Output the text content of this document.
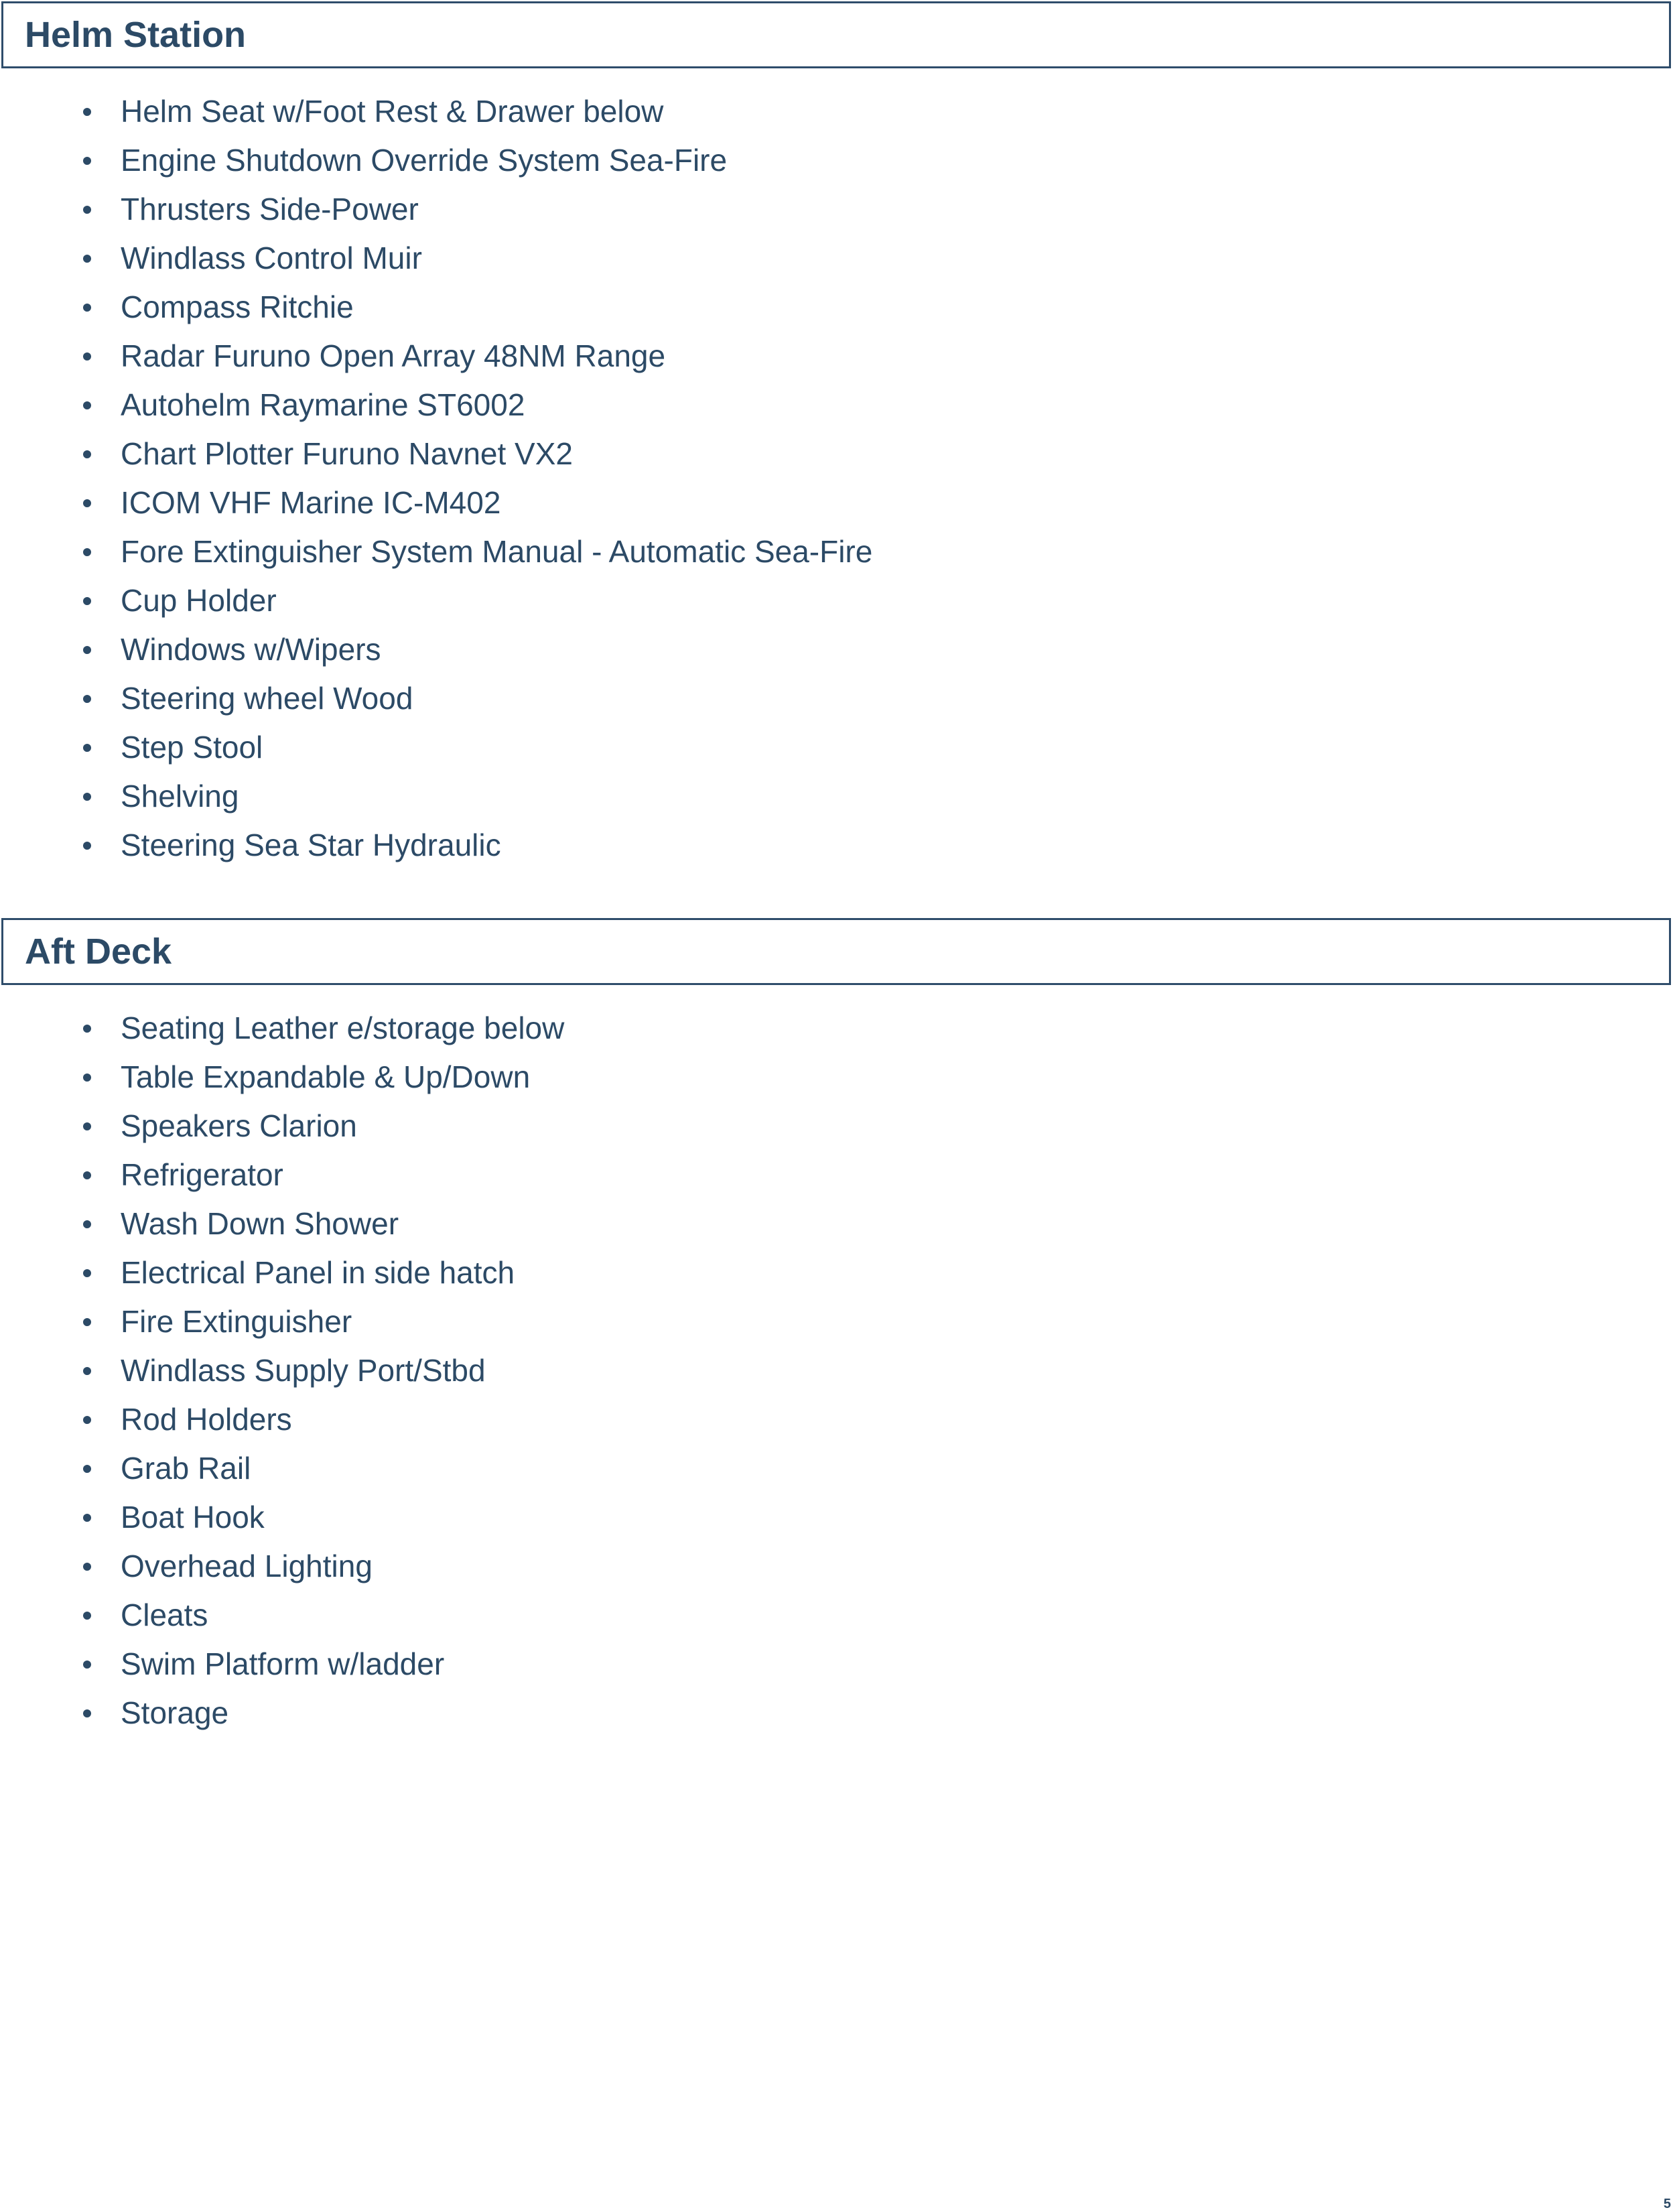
Helm Station
Helm Seat w/Foot Rest & Drawer below
Engine Shutdown Override System Sea-Fire
Thrusters Side-Power
Windlass Control Muir
Compass Ritchie
Radar Furuno Open Array 48NM Range
Autohelm Raymarine ST6002
Chart Plotter Furuno Navnet VX2
ICOM VHF Marine IC-M402
Fore Extinguisher System Manual - Automatic Sea-Fire
Cup Holder
Windows w/Wipers
Steering wheel Wood
Step Stool
Shelving
Steering Sea Star Hydraulic
Aft Deck
Seating Leather e/storage below
Table Expandable & Up/Down
Speakers Clarion
Refrigerator
Wash Down Shower
Electrical Panel in side hatch
Fire Extinguisher
Windlass Supply Port/Stbd
Rod Holders
Grab Rail
Boat Hook
Overhead Lighting
Cleats
Swim Platform w/ladder
Storage
5
